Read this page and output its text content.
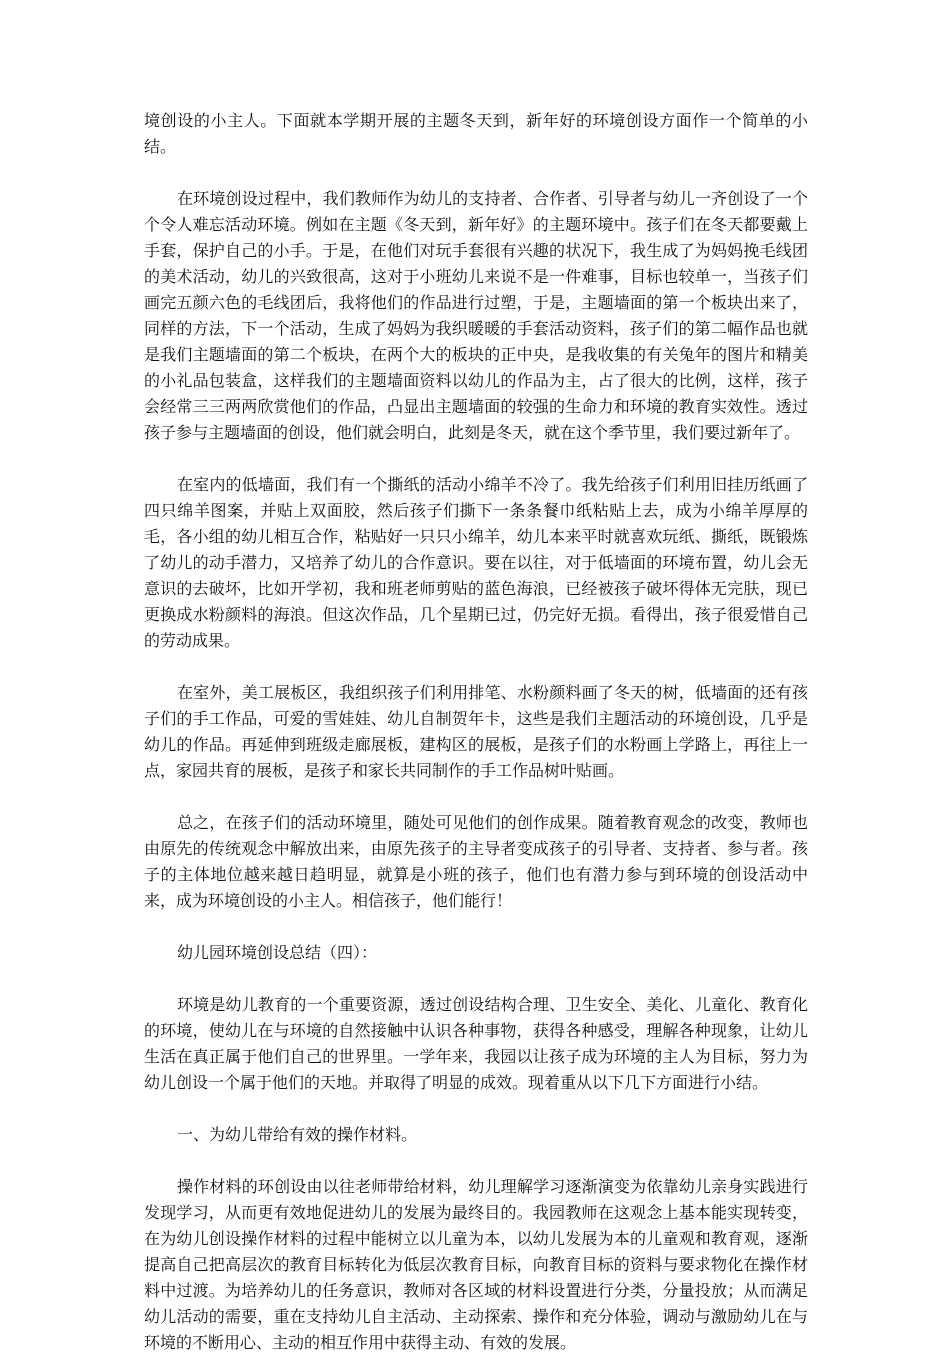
境创设的小主人。下面就本学期开展的主题冬天到，新年好的环境创设方面作一个简单的小结。

在环境创设过程中，我们教师作为幼儿的支持者、合作者、引导者与幼儿一齐创设了一个个令人难忘活动环境。例如在主题《冬天到，新年好》的主题环境中。孩子们在冬天都要戴上手套，保护自己的小手。于是，在他们对玩手套很有兴趣的状况下，我生成了为妈妈挽毛线团的美术活动，幼儿的兴致很高，这对于小班幼儿来说不是一件难事，目标也较单一，当孩子们画完五颜六色的毛线团后，我将他们的作品进行过塑，于是，主题墙面的第一个板块出来了，同样的方法，下一个活动，生成了妈妈为我织暖暖的手套活动资料，孩子们的第二幅作品也就是我们主题墙面的第二个板块，在两个大的板块的正中央，是我收集的有关兔年的图片和精美的小礼品包装盒，这样我们的主题墙面资料以幼儿的作品为主，占了很大的比例，这样，孩子会经常三三两两欣赏他们的作品，凸显出主题墙面的较强的生命力和环境的教育实效性。透过孩子参与主题墙面的创设，他们就会明白，此刻是冬天，就在这个季节里，我们要过新年了。

在室内的低墙面，我们有一个撕纸的活动小绵羊不冷了。我先给孩子们利用旧挂历纸画了四只绵羊图案，并贴上双面胶，然后孩子们撕下一条条餐巾纸粘贴上去，成为小绵羊厚厚的毛，各小组的幼儿相互合作，粘贴好一只只小绵羊，幼儿本来平时就喜欢玩纸、撕纸，既锻炼了幼儿的动手潜力，又培养了幼儿的合作意识。要在以往，对于低墙面的环境布置，幼儿会无意识的去破坏，比如开学初，我和班老师剪贴的蓝色海浪，已经被孩子破坏得体无完肤，现已更换成水粉颜料的海浪。但这次作品，几个星期已过，仍完好无损。看得出，孩子很爱惜自己的劳动成果。

在室外，美工展板区，我组织孩子们利用排笔、水粉颜料画了冬天的树，低墙面的还有孩子们的手工作品，可爱的雪娃娃、幼儿自制贺年卡，这些是我们主题活动的环境创设，几乎是幼儿的作品。再延伸到班级走廊展板，建构区的展板，是孩子们的水粉画上学路上，再往上一点，家园共育的展板，是孩子和家长共同制作的手工作品树叶贴画。

总之，在孩子们的活动环境里，随处可见他们的创作成果。随着教育观念的改变，教师也由原先的传统观念中解放出来，由原先孩子的主导者变成孩子的引导者、支持者、参与者。孩子的主体地位越来越日趋明显，就算是小班的孩子，他们也有潜力参与到环境的创设活动中来，成为环境创设的小主人。相信孩子，他们能行！

幼儿园环境创设总结（四）：

环境是幼儿教育的一个重要资源，透过创设结构合理、卫生安全、美化、儿童化、教育化的环境，使幼儿在与环境的自然接触中认识各种事物，获得各种感受，理解各种现象，让幼儿生活在真正属于他们自己的世界里。一学年来，我园以让孩子成为环境的主人为目标，努力为幼儿创设一个属于他们的天地。并取得了明显的成效。现着重从以下几下方面进行小结。

一、为幼儿带给有效的操作材料。

操作材料的环创设由以往老师带给材料，幼儿理解学习逐渐演变为依靠幼儿亲身实践进行发现学习，从而更有效地促进幼儿的发展为最终目的。我园教师在这观念上基本能实现转变，在为幼儿创设操作材料的过程中能树立以儿童为本，以幼儿发展为本的儿童观和教育观，逐渐提高自己把高层次的教育目标转化为低层次教育目标，向教育目标的资料与要求物化在操作材料中过渡。为培养幼儿的任务意识，教师对各区域的材料设置进行分类，分量投放；从而满足幼儿活动的需要，重在支持幼儿自主活动、主动探索、操作和充分体验，调动与激励幼儿在与环境的不断用心、主动的相互作用中获得主动、有效的发展。
